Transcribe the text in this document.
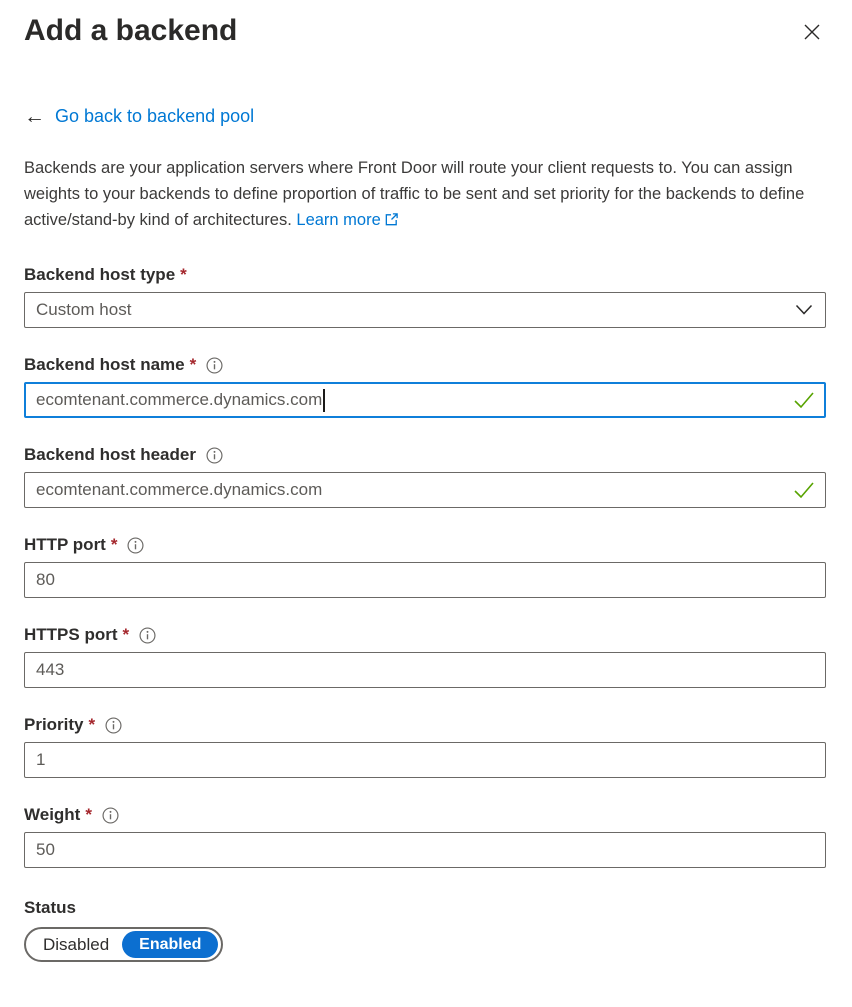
Add a backend
← Go back to backend pool

Backends are your application servers where Front Door will route your client requests to. You can assign weights to your backends to define proportion of traffic to be sent and set priority for the backends to define active/stand-by kind of architectures. Learn more

Backend host type *
Custom host
Backend host name *
ecomtenant.commerce.dynamics.com
Backend host header
ecomtenant.commerce.dynamics.com
HTTP port *
80
HTTPS port *
443
Priority *
1
Weight *
50
Status
Disabled	Enabled
